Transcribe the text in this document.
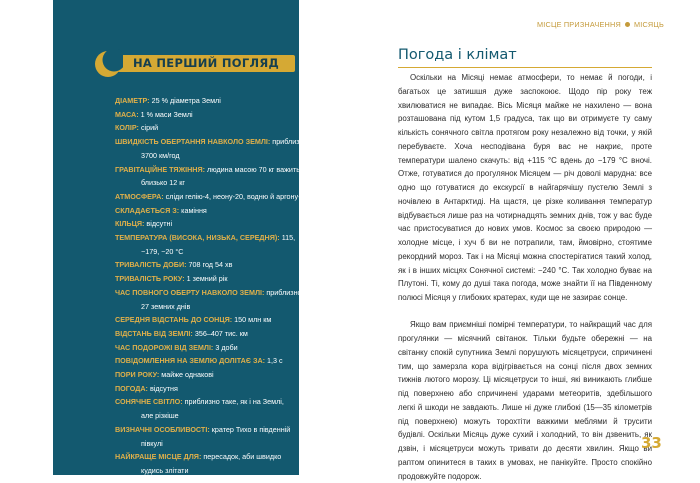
НА ПЕРШИЙ ПОГЛЯД

ДІАМЕТР: 25 % діаметра Землі

МАСА: 1 % маси Землі

КОЛІР: сірий

ШВИДКІСТЬ ОБЕРТАННЯ НАВКОЛО ЗЕМЛІ: приблизно
3700 км/год

ГРАВІТАЦІЙНЕ ТЯЖІННЯ: людина масою 70 кг важить
близько 12 кг

АТМОСФЕРА: сліди гелію-4, неону-20, водню й аргону-40

СКЛАДАЄТЬСЯ З: каміння

КІЛЬЦЯ: відсутні

ТЕМПЕРАТУРА (ВИСОКА, НИЗЬКА, СЕРЕДНЯ): 115,
−179, −20 °C

ТРИВАЛІСТЬ ДОБИ: 708 год 54 хв

ТРИВАЛІСТЬ РОКУ: 1 земний рік

ЧАС ПОВНОГО ОБЕРТУ НАВКОЛО ЗЕМЛІ: приблизно
27 земних днів

СЕРЕДНЯ ВІДСТАНЬ ДО СОНЦЯ: 150 млн км

ВІДСТАНЬ ВІД ЗЕМЛІ: 356–407 тис. км

ЧАС ПОДОРОЖІ ВІД ЗЕМЛІ: 3 доби

ПОВІДОМЛЕННЯ НА ЗЕМЛЮ ДОЛІТАЄ ЗА: 1,3 с

ПОРИ РОКУ: майже однакові

ПОГОДА: відсутня

СОНЯЧНЕ СВІТЛО: приблизно таке, як і на Землі,
але різкіше

ВИЗНАЧНІ ОСОБЛИВОСТІ: кратер Тихо в південній
півкулі

НАЙКРАЩЕ МІСЦЕ ДЛЯ: пересадок, аби швидко
кудись злітати

МІСЦЕ ПРИЗНАЧЕННЯ МІСЯЦЬ
Погода і клімат

Оскільки на Місяці немає атмосфери, то немає й погоди, і багатьох це затишшя дуже заспокоює. Щодо пір року теж хвилюватися не випадає. Вісь Місяця майже не нахилено — вона розташована під кутом 1,5 градуса, так що ви отримуєте ту саму кількість сонячного світла протягом року незалежно від точки, у якій перебуваєте. Хоча несподівана буря вас не накриє, проте температури шалено скачуть: від +115 °C вдень до −179 °C вночі. Отже, готуватися до прогулянок Місяцем — річ доволі марудна: все одно що готуватися до екскурсії в найгарячішу пустелю Землі з ночівлею в Антарктиді. На щастя, це різке коливання температур відбувається лише раз на чотирнадцять земних днів, тож у вас буде час пристосуватися до нових умов. Космос за своєю природою — холодне місце, і хуч б ви не потрапили, там, ймовірно, стоятиме рекордний мороз. Так і на Місяці можна спостерігатися такий холод, як і в інших місцях Сонячної системі: −240 °C. Так холодно буває на Плутоні. Ті, кому до душі така погода, може знайти її на Південному полюсі Місяця у глибоких кратерах, куди ще не зазирає сонце.

Якщо вам приємніші помірні температури, то найкращий час для прогулянки — місячний світанок. Тільки будьте обережні — на світанку спокій супутника Землі порушують місяцетруси, спричинені тим, що замерзла кора відігрівається на сонці після двох земних тижнів лютого морозу. Ці місяцетруси то інші, які виникають глибше під поверхнею або спричинені ударами метеоритів, здебільшого легкі й шкоди не завдають. Лише ні дуже глибокі (15—35 кілометрів під поверхнею) можуть торохтіти важкими меблями й трусити будівлі. Оскільки Місяць дуже сухий і холодний, то він дзвенить, як дзвін, і місяцетруси можуть тривати до десяти хвилин. Якщо ви раптом опинитеся в таких в умовах, не панікуйте. Просто спокійно продовжуйте подорож.

33
